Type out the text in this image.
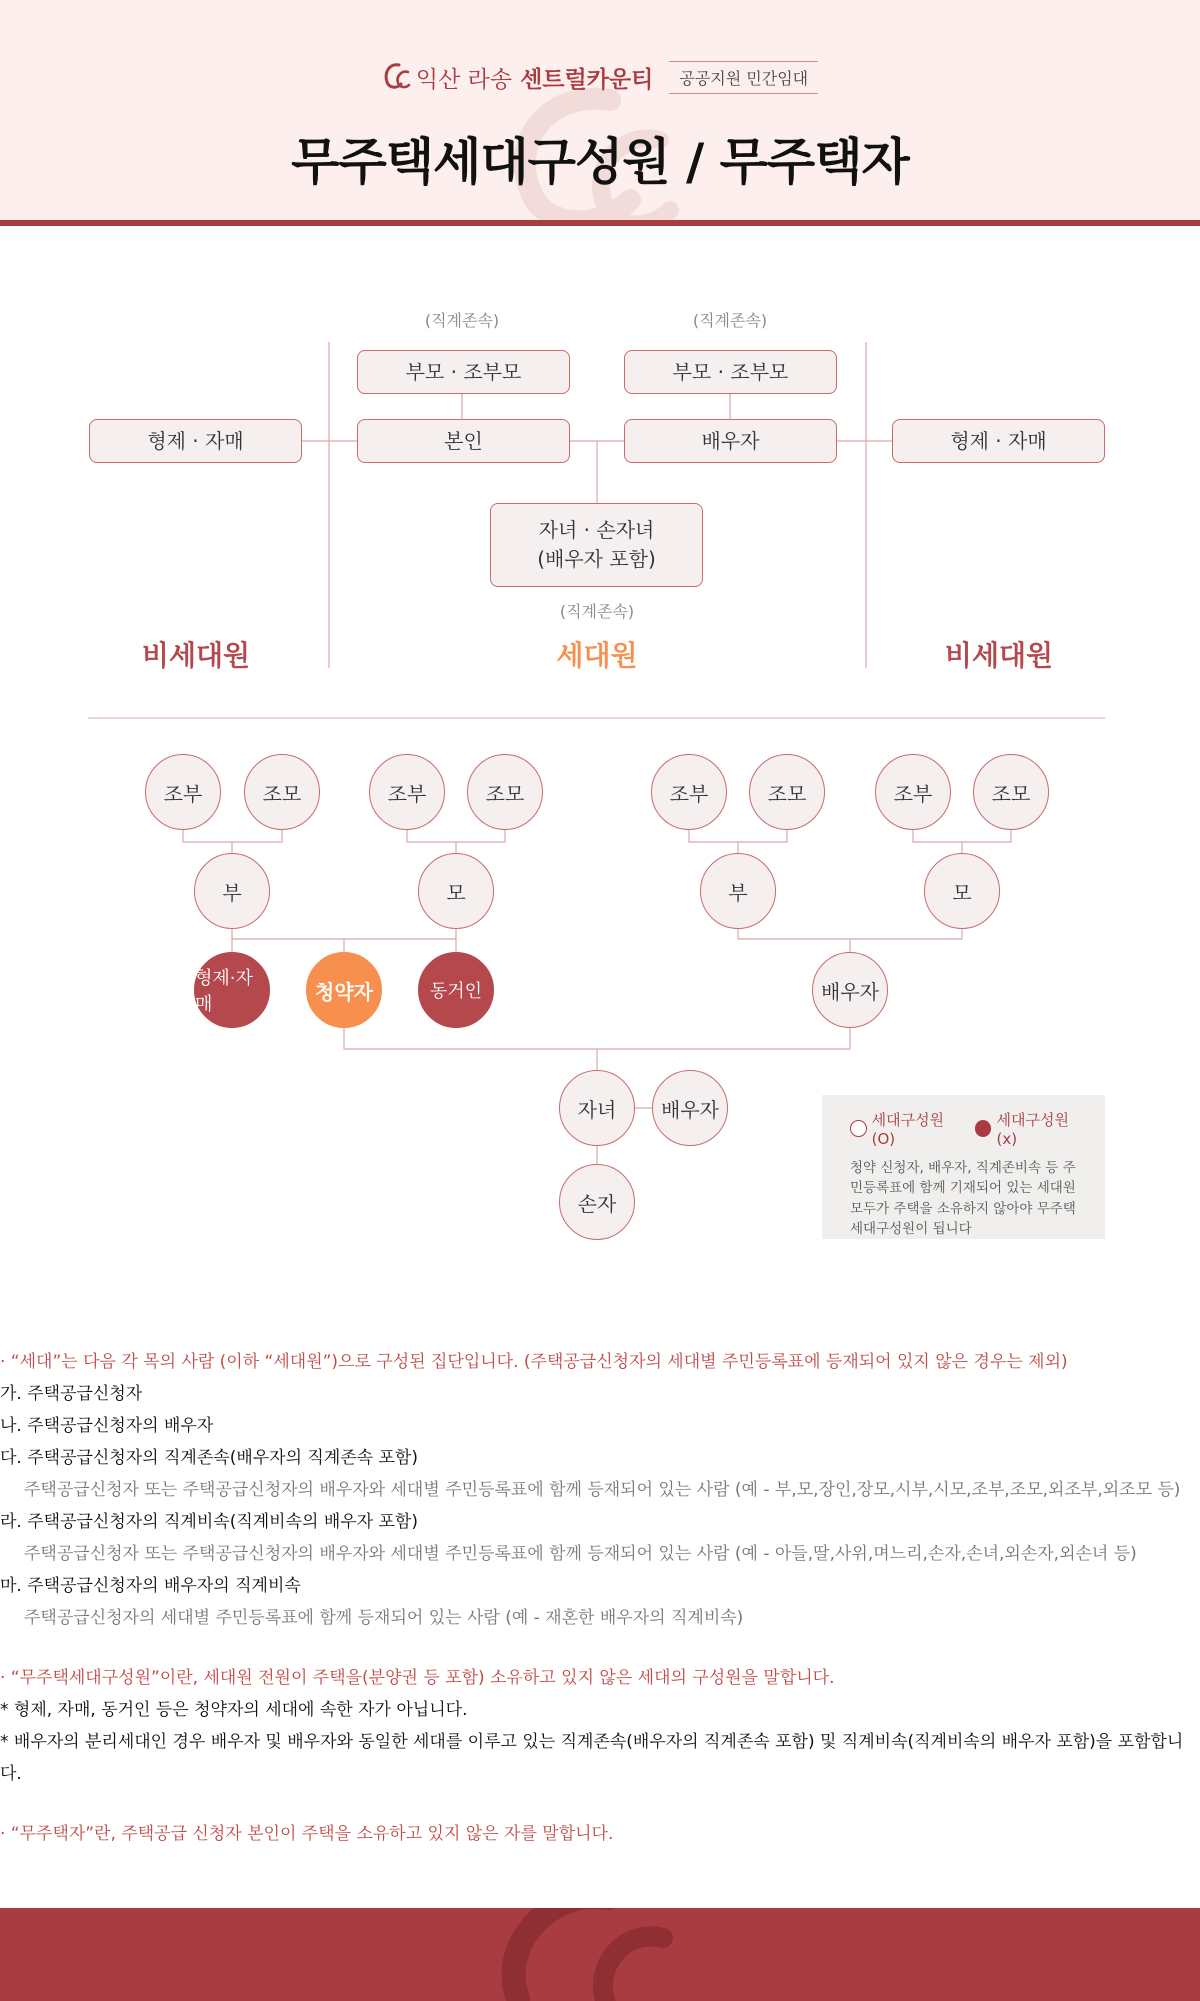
익산 라송 센트럴카운티	공공지원 민간임대
무주택세대구성원 / 무주택자
(직계존속)	(직계존속)
부모 · 조부모	부모 · 조부모
형제 · 자매	본인	배우자	형제 · 자매
자녀 · 손자녀
(배우자 포함)
(직계존속)
비세대원	세대원	비세대원
조부	조모	조부	조모	조부	조모	조부	조모
부	모	부	모
형제·자매
청약자	동거인	배우자
자녀	배우자
손자
세대구성원(O)
세대구성원(x)
청약 신청자, 배우자, 직계존비속 등 주민등록표에 함께 기재되어 있는 세대원 모두가 주택을 소유하지 않아야 무주택세대구성원이 됩니다
· “세대”는 다음 각 목의 사람 (이하 “세대원”)으로 구성된 집단입니다. (주택공급신청자의 세대별 주민등록표에 등재되어 있지 않은 경우는 제외)
가. 주택공급신청자
나. 주택공급신청자의 배우자
다. 주택공급신청자의 직계존속(배우자의 직계존속 포함)
주택공급신청자 또는 주택공급신청자의 배우자와 세대별 주민등록표에 함께 등재되어 있는 사람 (예 - 부,모,장인,장모,시부,시모,조부,조모,외조부,외조모 등)
라. 주택공급신청자의 직계비속(직계비속의 배우자 포함)
주택공급신청자 또는 주택공급신청자의 배우자와 세대별 주민등록표에 함께 등재되어 있는 사람 (예 - 아들,딸,사위,며느리,손자,손녀,외손자,외손녀 등)
마. 주택공급신청자의 배우자의 직계비속
주택공급신청자의 세대별 주민등록표에 함께 등재되어 있는 사람 (예 - 재혼한 배우자의 직계비속)
· “무주택세대구성원”이란, 세대원 전원이 주택을(분양권 등 포함) 소유하고 있지 않은 세대의 구성원을 말합니다.
* 형제, 자매, 동거인 등은 청약자의 세대에 속한 자가 아닙니다.
* 배우자의 분리세대인 경우 배우자 및 배우자와 동일한 세대를 이루고 있는 직계존속(배우자의 직계존속 포함) 및 직계비속(직계비속의 배우자 포함)을 포함합니다.
· “무주택자”란, 주택공급 신청자 본인이 주택을 소유하고 있지 않은 자를 말합니다.
